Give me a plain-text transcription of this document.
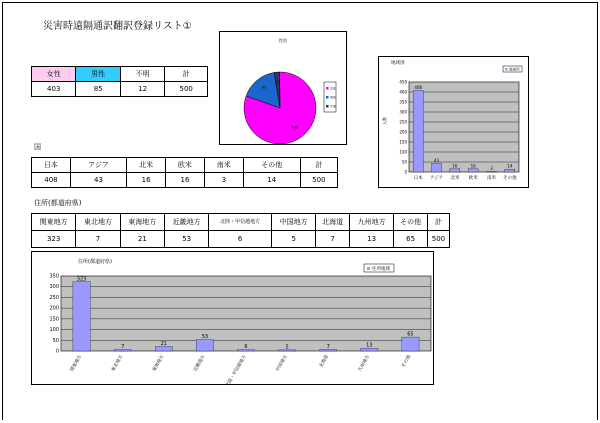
災害時遠隔通訳翻訳登録リスト①
女性	男性	不明	計
403	85	12	500
国
日本	アジア	北米	欧米	南米	その他	計
408	43	16	16	3	14	500
住所(都道府県)
関東地方	東北地方	東海地方	近畿地方	北陸・甲信越地方	中国地方	北海道	九州地方	その他	計
323	7	21	53	6	5	7	13	65	500
性別
403
85
12
女性
男性
不明
地域別
地域別
人数
0
50
100
150
200
250
300
350
400
450
408
日本
43
アジア
16
北米
16
欧米
3
南米
14
その他
住所(都道府県)
住所地域
0
50
100
150
200
250
300
350	323
関東地方
7
東北地方
21
東海地方
53
近畿地方
6
北陸・甲信越地方
5
中国地方
7
北海道
13
九州地方
65
その他
